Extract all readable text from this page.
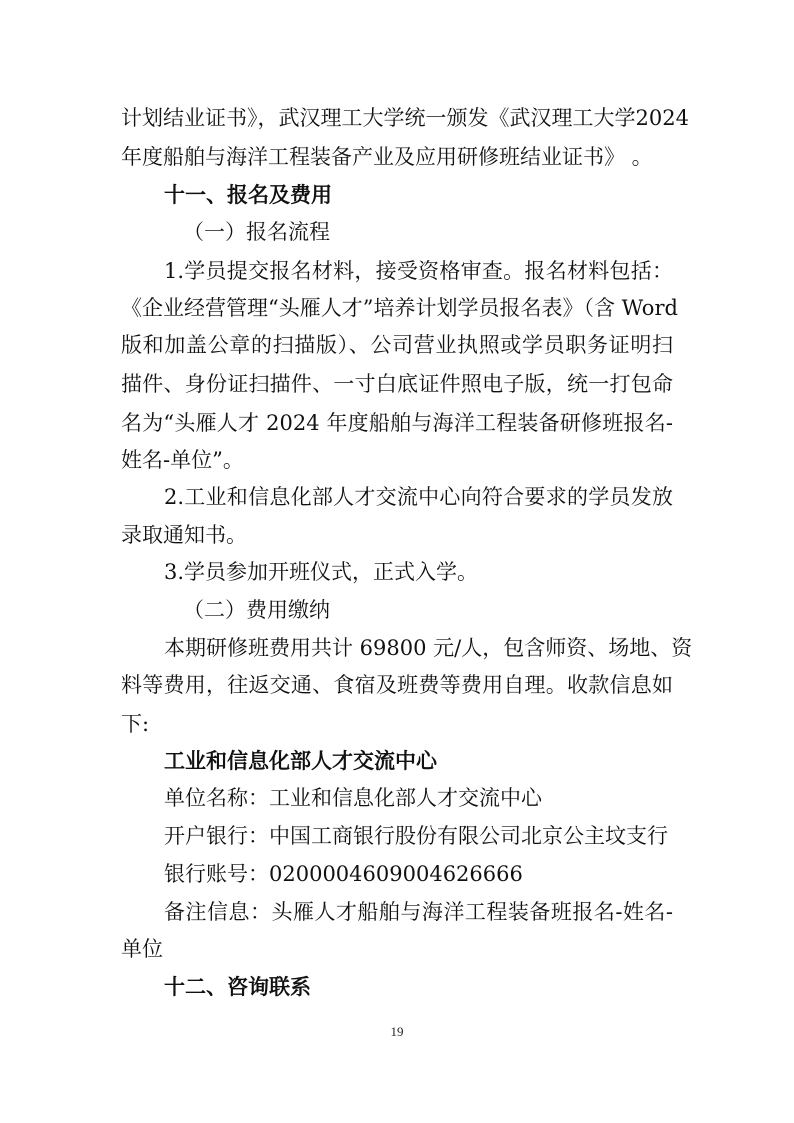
计划结业证书》，武汉理工大学统一颁发《武汉理工大学2024
年度船舶与海洋工程装备产业及应用研修班结业证书》 。
十一、报名及费用
（一）报名流程
1.学员提交报名材料，接受资格审查。报名材料包括：
《企业经营管理“头雁人才”培养计划学员报名表》（含 Word
版和加盖公章的扫描版）、公司营业执照或学员职务证明扫
描件、身份证扫描件、一寸白底证件照电子版，统一打包命
名为“头雁人才 2024 年度船舶与海洋工程装备研修班报名-
姓名-单位”。
2.工业和信息化部人才交流中心向符合要求的学员发放
录取通知书。
3.学员参加开班仪式，正式入学。
（二）费用缴纳
本期研修班费用共计 69800 元/人，包含师资、场地、资
料等费用，往返交通、食宿及班费等费用自理。收款信息如
下:
工业和信息化部人才交流中心
单位名称：工业和信息化部人才交流中心
开户银行：中国工商银行股份有限公司北京公主坟支行
银行账号：0200004609004626666
备注信息：头雁人才船舶与海洋工程装备班报名-姓名-
单位
十二、咨询联系
19
